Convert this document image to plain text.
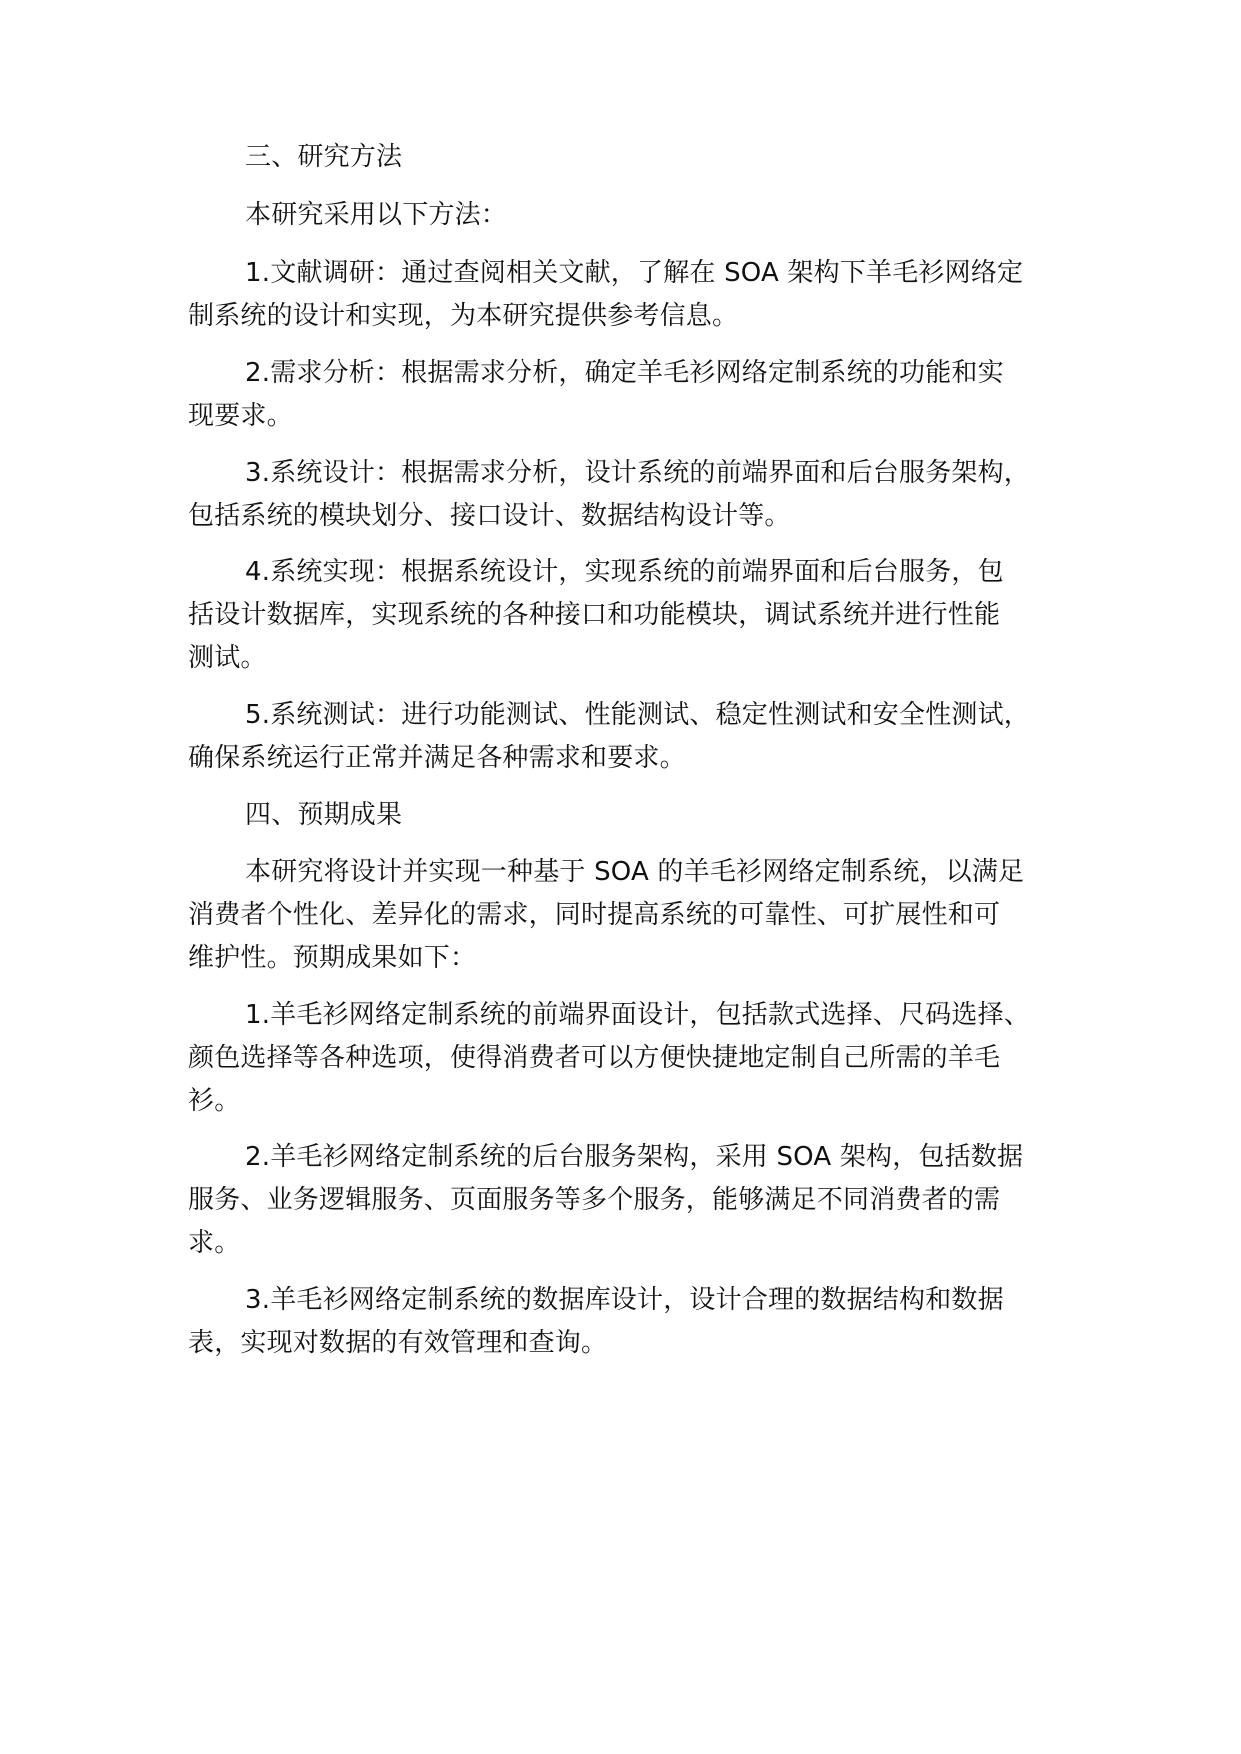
三、研究方法
本研究采用以下方法：
1.文献调研：通过查阅相关文献，了解在 SOA 架构下羊毛衫网络定
制系统的设计和实现，为本研究提供参考信息。
2.需求分析：根据需求分析，确定羊毛衫网络定制系统的功能和实
现要求。
3.系统设计：根据需求分析，设计系统的前端界面和后台服务架构，
包括系统的模块划分、接口设计、数据结构设计等。
4.系统实现：根据系统设计，实现系统的前端界面和后台服务，包
括设计数据库，实现系统的各种接口和功能模块，调试系统并进行性能
测试。
5.系统测试：进行功能测试、性能测试、稳定性测试和安全性测试，
确保系统运行正常并满足各种需求和要求。
四、预期成果
本研究将设计并实现一种基于 SOA 的羊毛衫网络定制系统，以满足
消费者个性化、差异化的需求，同时提高系统的可靠性、可扩展性和可
维护性。预期成果如下：
1.羊毛衫网络定制系统的前端界面设计，包括款式选择、尺码选择、
颜色选择等各种选项，使得消费者可以方便快捷地定制自己所需的羊毛
衫。
2.羊毛衫网络定制系统的后台服务架构，采用 SOA 架构，包括数据
服务、业务逻辑服务、页面服务等多个服务，能够满足不同消费者的需
求。
3.羊毛衫网络定制系统的数据库设计，设计合理的数据结构和数据
表，实现对数据的有效管理和查询。
